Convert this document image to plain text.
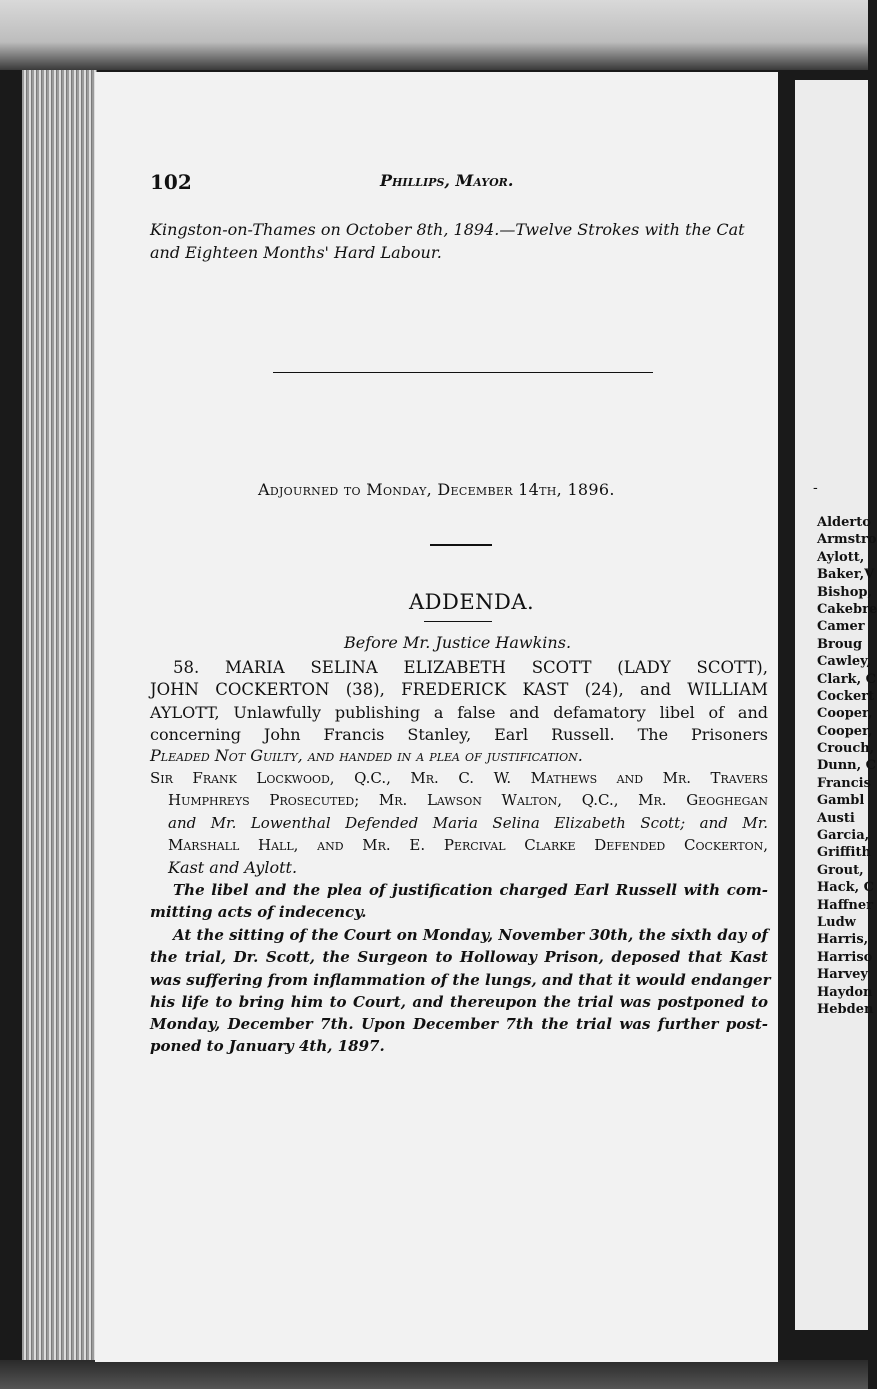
102	Phillips, Mayor.
Kingston-on-Thames on October 8th, 1894.—Twelve Strokes with the Cat
and Eighteen Months' Hard Labour.
Adjourned to Monday, December 14th, 1896.
ADDENDA.
Before Mr. Justice Hawkins.
58. MARIA SELINA ELIZABETH SCOTT (LADY SCOTT),
JOHN COCKERTON (38), FREDERICK KAST (24), and WILLIAM
AYLOTT, Unlawfully publishing a false and defamatory libel of and
concerning John Francis Stanley, Earl Russell. The Prisoners
Pleaded Not Guilty, and handed in a plea of justification.
Sir Frank Lockwood, Q.C., Mr. C. W. Mathews and Mr. Travers
Humphreys Prosecuted; Mr. Lawson Walton, Q.C., Mr. Geoghegan
and Mr. Lowenthal Defended Maria Selina Elizabeth Scott; and Mr.
Marshall Hall, and Mr. E. Percival Clarke Defended Cockerton,
Kast and Aylott.
The libel and the plea of justification charged Earl Russell with com-
mitting acts of indecency.
At the sitting of the Court on Monday, November 30th, the sixth day of
the trial, Dr. Scott, the Surgeon to Holloway Prison, deposed that Kast
was suffering from inflammation of the lungs, and that it would endanger
his life to bring him to Court, and thereupon the trial was postponed to
Monday, December 7th. Upon December 7th the trial was further post-
poned to January 4th, 1897.
-
Alderto
Armstro
Aylott,
Baker,V
Bishop,
Cakebre
Camer
Broug
Cawley,
Clark, C
Cockert
Cooper,
Cooper,
Crouch,
Dunn, C
Francis
Gambl
Austi
Garcia,
Griffith
Grout,
Hack, C
Haffner
Ludw
Harris,
Harriso
Harvey
Haydon
Hebden
